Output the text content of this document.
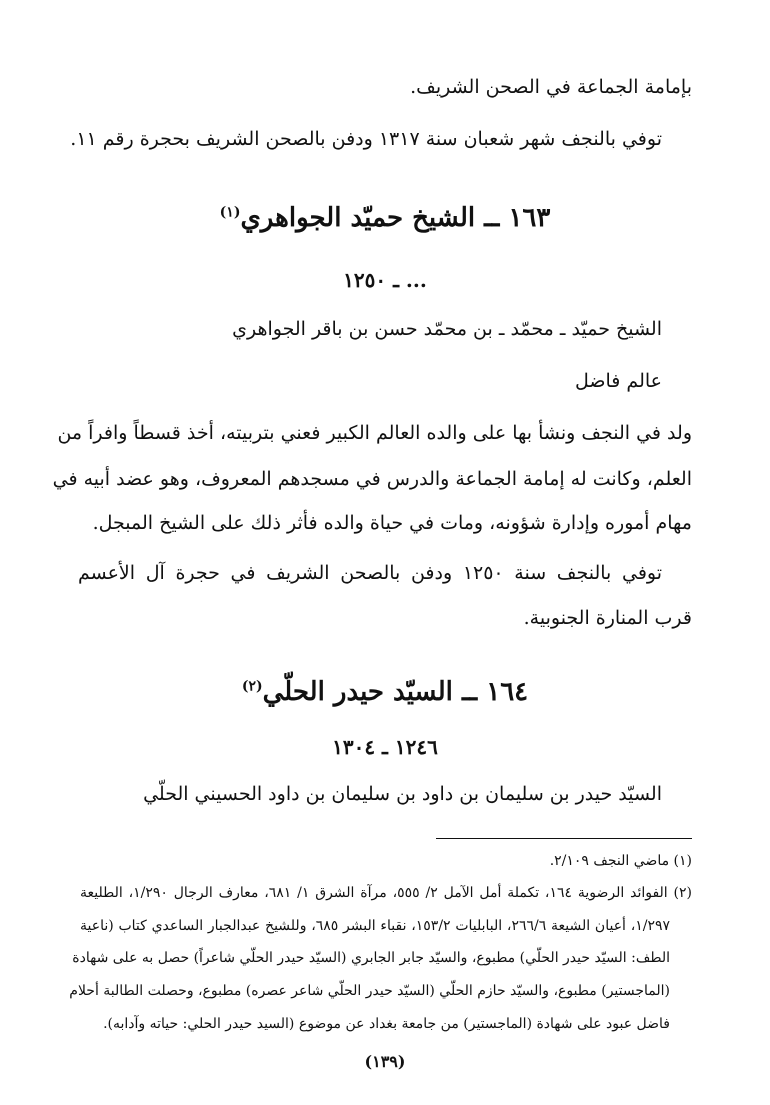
بإمامة الجماعة في الصحن الشريف.
توفي بالنجف شهر شعبان سنة ١٣١٧ ودفن بالصحن الشريف بحجرة رقم ١١.
١٦٣ ــ الشيخ حميّد الجواهري$^{(١)}$
... ـ ١٢٥٠
الشيخ حميّد ـ محمّد ـ بن محمّد حسن بن باقر الجواهري
عالم فاضل
ولد في النجف ونشأ بها على والده العالم الكبير فعني بتربيته، أخذ قسطاً وافراً من
العلم، وكانت له إمامة الجماعة والدرس في مسجدهم المعروف، وهو عضد أبيه في
مهام أموره وإدارة شؤونه، ومات في حياة والده فأثر ذلك على الشيخ المبجل.
توفي بالنجف سنة ١٢٥٠ ودفن بالصحن الشريف في حجرة آل الأعسم
قرب المنارة الجنوبية.
١٦٤ ــ السيّد حيدر الحلّي$^{(٢)}$
١٢٤٦ ـ ١٣٠٤
السيّد حيدر بن سليمان بن داود بن سليمان بن داود الحسيني الحلّي
(١) ماضي النجف ٢/١٠٩.
(٢) الفوائد الرضوية ١٦٤، تكملة أمل الآمل ٢/ ٥٥٥، مرآة الشرق ١/ ٦٨١، معارف الرجال ١/٢٩٠، الطليعة
١/٢٩٧، أعيان الشيعة ٢٦٦/٦، البابليات ١٥٣/٢، نقباء البشر ٦٨٥، وللشيخ عبدالجبار الساعدي كتاب (ناعية
الطف: السيّد حيدر الحلّي) مطبوع، والسيّد جابر الجابري (السيّد حيدر الحلّي شاعراً) حصل به على شهادة
(الماجستير) مطبوع، والسيّد حازم الحلّي (السيّد حيدر الحلّي شاعر عصره) مطبوع، وحصلت الطالبة أحلام
فاضل عبود على شهادة (الماجستير) من جامعة بغداد عن موضوع (السيد حيدر الحلي: حياته وآدابه).
(١٣٩)
